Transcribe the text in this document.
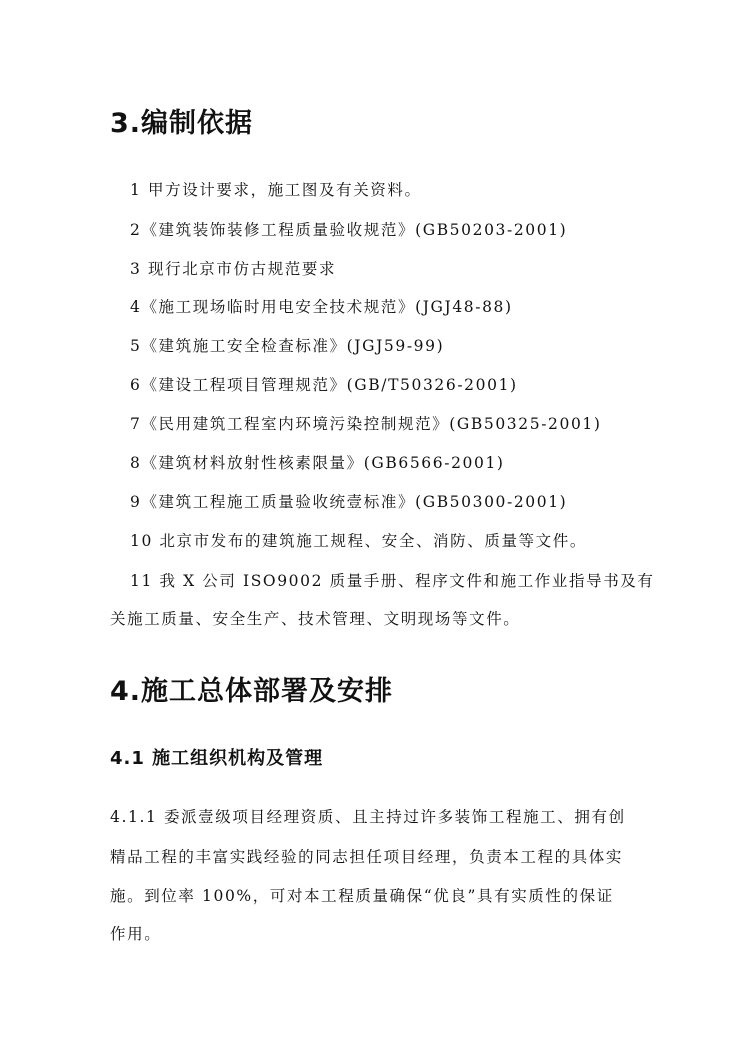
3.编制依据

1 甲方设计要求，施工图及有关资料。

2《建筑装饰装修工程质量验收规范》(GB50203-2001)

3 现行北京市仿古规范要求

4《施工现场临时用电安全技术规范》(JGJ48-88)

5《建筑施工安全检查标准》(JGJ59-99)

6《建设工程项目管理规范》(GB/T50326-2001)

7《民用建筑工程室内环境污染控制规范》(GB50325-2001)

8《建筑材料放射性核素限量》(GB6566-2001)

9《建筑工程施工质量验收统壹标准》(GB50300-2001)

10 北京市发布的建筑施工规程、安全、消防、质量等文件。

11 我 X 公司 ISO9002 质量手册、程序文件和施工作业指导书及有

关施工质量、安全生产、技术管理、文明现场等文件。

4.施工总体部署及安排
4.1 施工组织机构及管理

4.1.1 委派壹级项目经理资质、且主持过许多装饰工程施工、拥有创

精品工程的丰富实践经验的同志担任项目经理，负责本工程的具体实

施。到位率 100%，可对本工程质量确保“优良”具有实质性的保证

作用。
